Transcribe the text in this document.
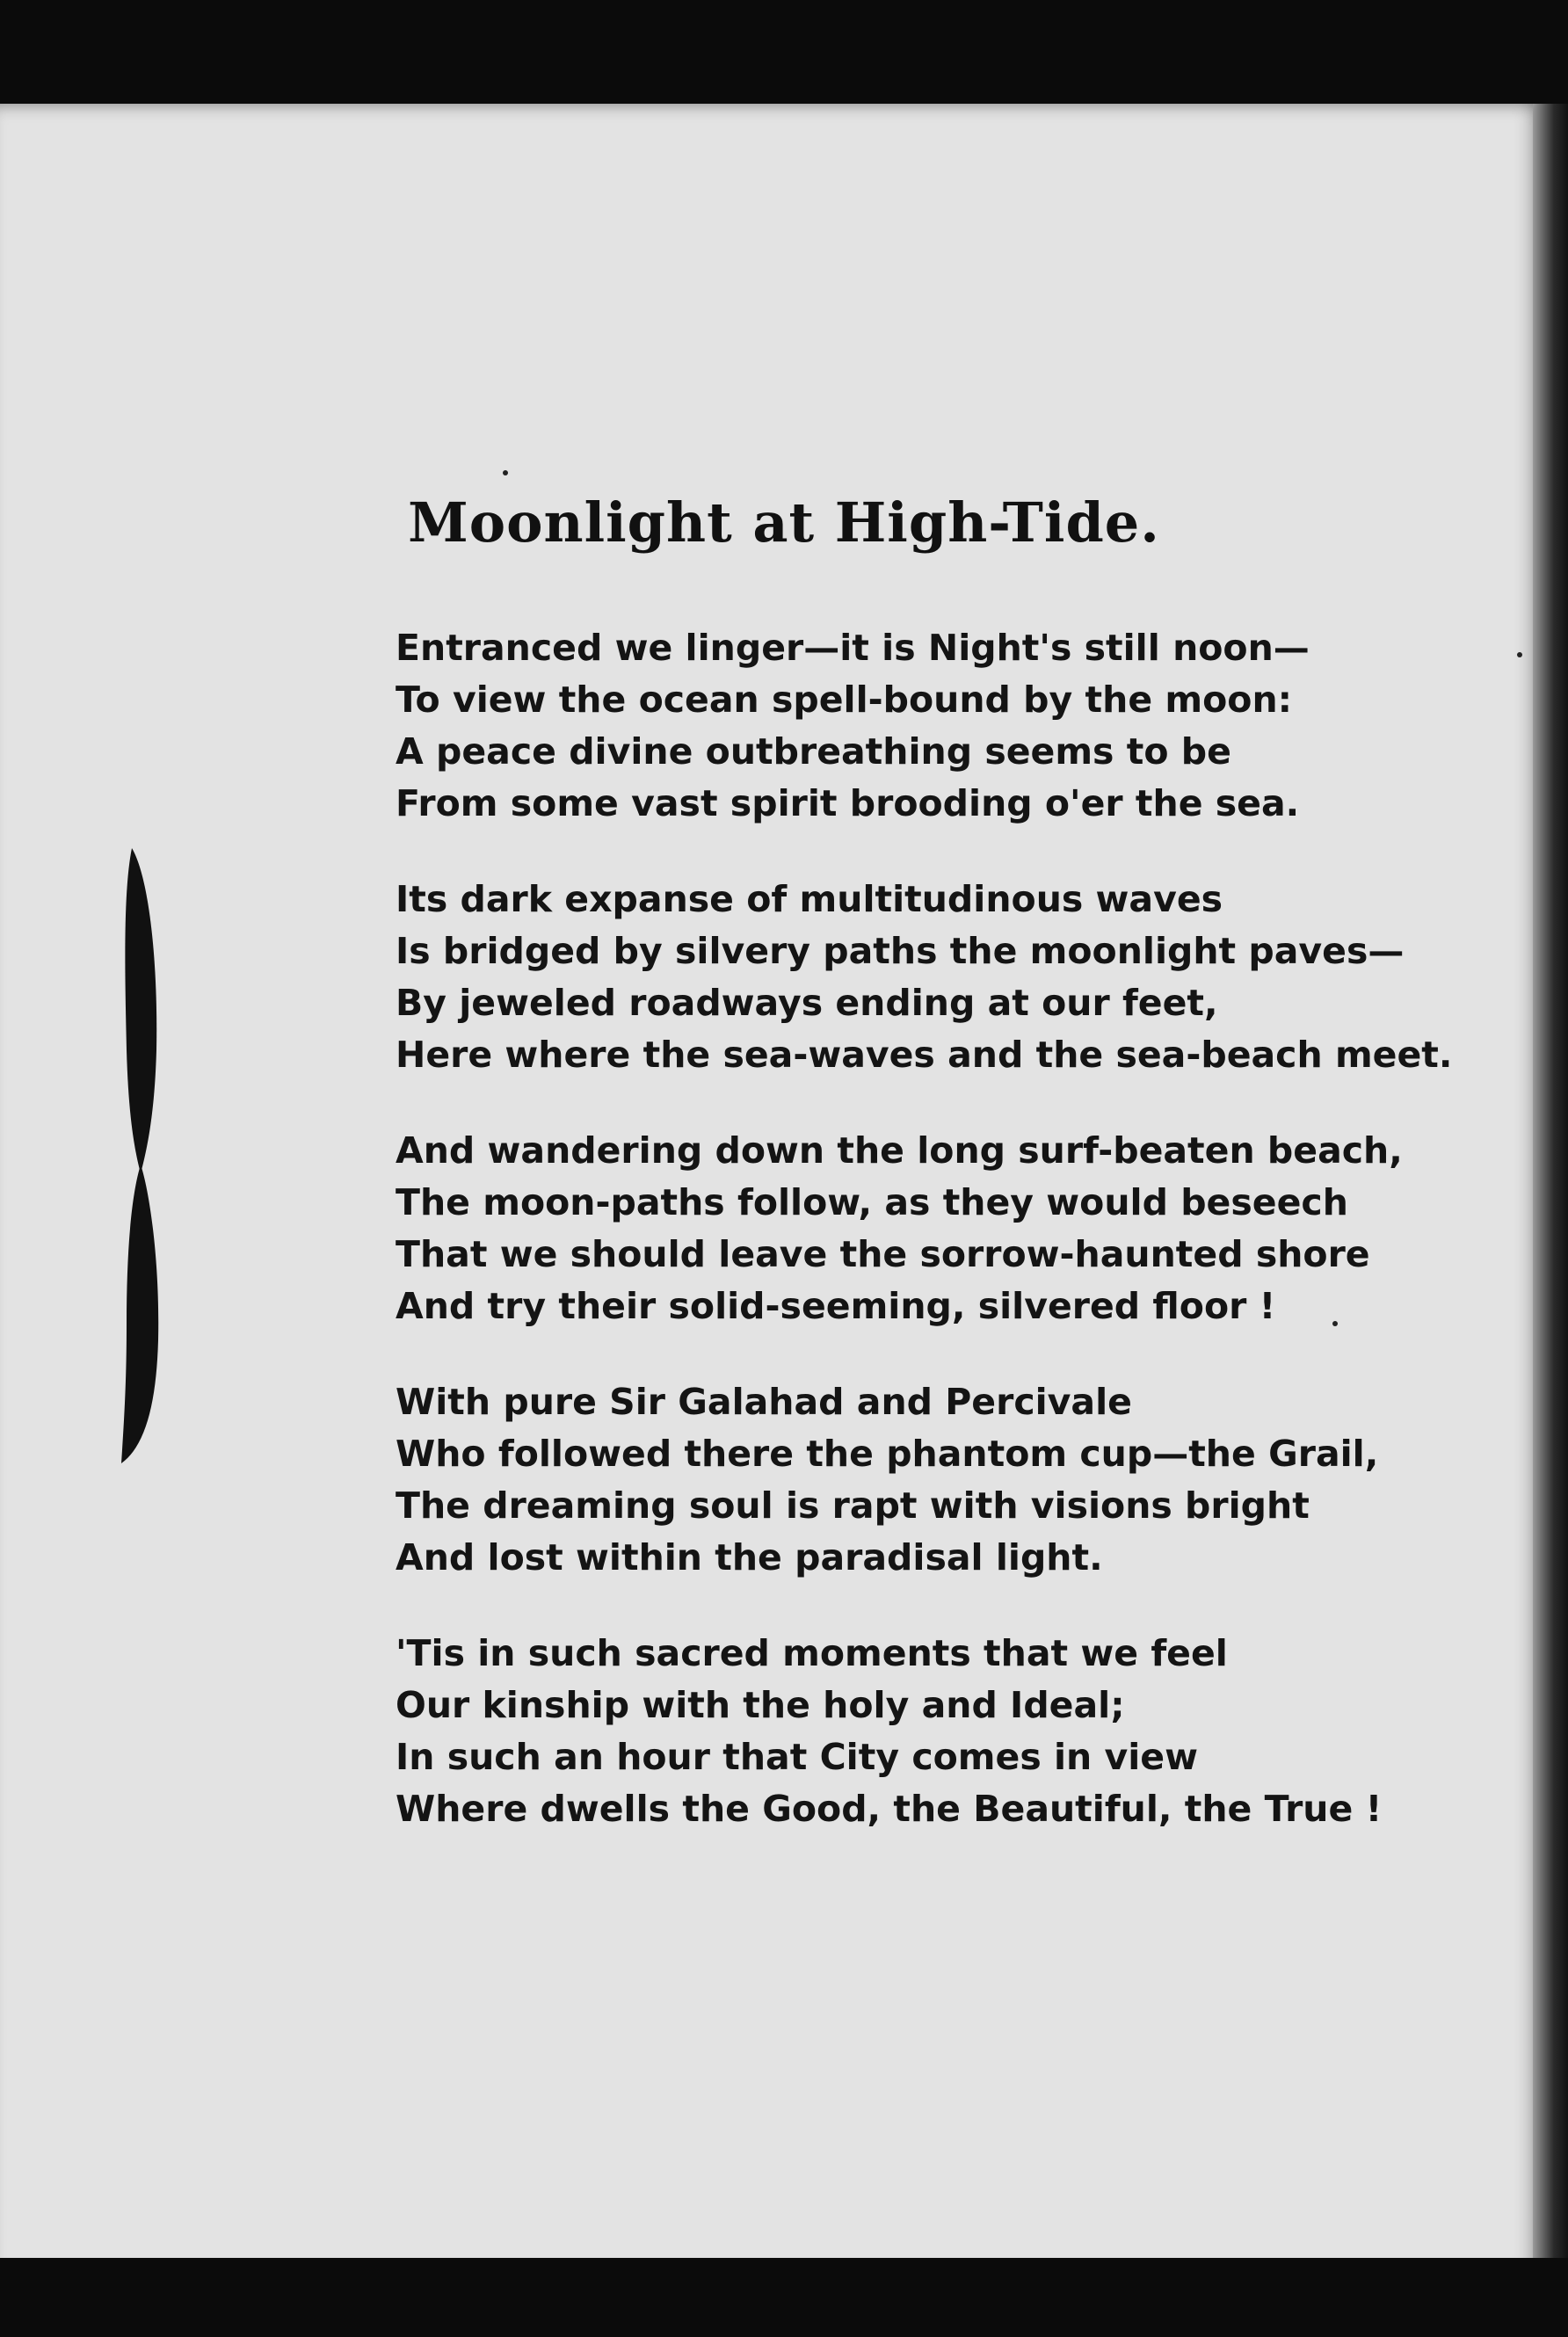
Moonlight at High-Tide.
Entranced we linger—it is Night's still noon—
To view the ocean spell-bound by the moon:
A peace divine outbreathing seems to be
From some vast spirit brooding o'er the sea.
Its dark expanse of multitudinous waves
Is bridged by silvery paths the moonlight paves—
By jeweled roadways ending at our feet,
Here where the sea-waves and the sea-beach meet.
And wandering down the long surf-beaten beach,
The moon-paths follow, as they would beseech
That we should leave the sorrow-haunted shore
And try their solid-seeming, silvered floor !
With pure Sir Galahad and Percivale
Who followed there the phantom cup—the Grail,
The dreaming soul is rapt with visions bright
And lost within the paradisal light.
'Tis in such sacred moments that we feel
Our kinship with the holy and Ideal;
In such an hour that City comes in view
Where dwells the Good, the Beautiful, the True !
